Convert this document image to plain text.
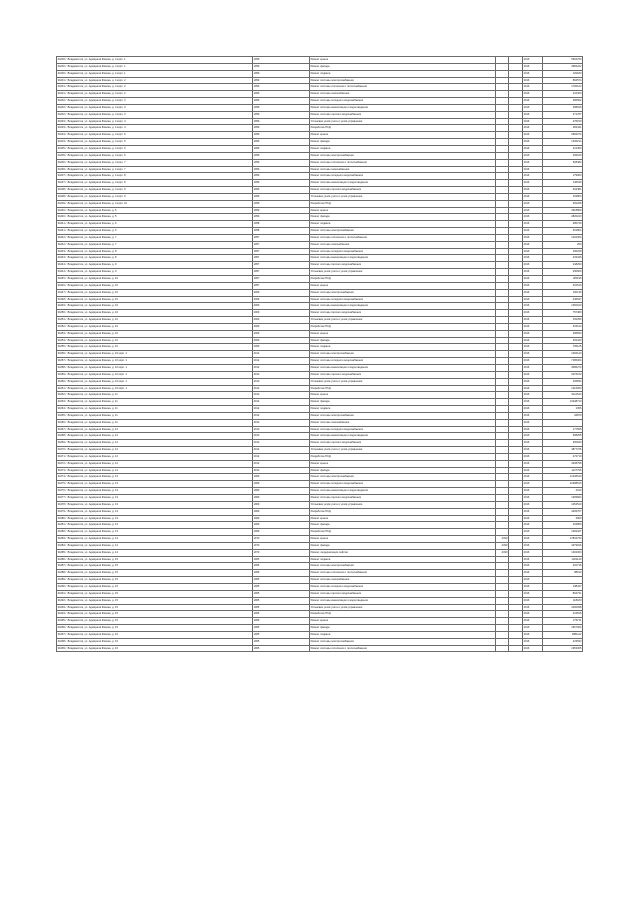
34230 г. Владивосток, ул. Адмирала Фокина, д. 4 корп. 1	1959	Ремонт крыши			2016	5394760
34230 г. Владивосток, ул. Адмирала Фокина, д. 4 корп. 1	1959	Ремонт фасада			2016	3982222
34230 г. Владивосток, ул. Адмирала Фокина, д. 4 корп. 1	1959	Ремонт подвала			2016	181180
34231 г. Владивосток, ул. Адмирала Фокина, д. 4 корп. 2	1959	Ремонт системы электроснабжения			2016	894574
34231 г. Владивосток, ул. Адмирала Фокина, д. 4 корп. 2	1959	Ремонт системы отопления и теплоснабжения			2016	1796124
34231 г. Владивосток, ул. Адмирала Фокина, д. 4 корп. 2	1959	Ремонт системы газоснабжения			2016	216400
34232 г. Владивосток, ул. Адмирала Фокина, д. 4 корп. 3	1959	Ремонт системы холодного водоснабжения			2016	486652
34232 г. Владивосток, ул. Адмирала Фокина, д. 4 корп. 3	1959	Ремонт системы канализации и водоотведения			2016	458916
34232 г. Владивосток, ул. Адмирала Фокина, д. 4 корп. 3	1959	Ремонт системы горячего водоснабжения			2016	371787
34233 г. Владивосток, ул. Адмирала Фокина, д. 4 корп. 4	1959	Установка узлов учета и узлов управления			2016	276150
34233 г. Владивосток, ул. Адмирала Фокина, д. 4 корп. 4	1959	Разработка ПСД			2016	484441
34234 г. Владивосток, ул. Адмирала Фокина, д. 4 корп. 5	1959	Ремонт крыши			2016	2892074
34234 г. Владивосток, ул. Адмирала Фокина, д. 4 корп. 5	1959	Ремонт фасада			2016	1345214
34235 г. Владивосток, ул. Адмирала Фокина, д. 4 корп. 6	1959	Ремонт подвала			2016	412460
34235 г. Владивосток, ул. Адмирала Фокина, д. 4 корп. 6	1959	Ремонт системы электроснабжения			2016	292160
34236 г. Владивосток, ул. Адмирала Фокина, д. 4 корп. 7	1959	Ремонт системы отопления и теплоснабжения			2016	528484
34236 г. Владивосток, ул. Адмирала Фокина, д. 4 корп. 7	1959	Ремонт системы газоснабжения			2016	
34237 г. Владивосток, ул. Адмирала Фокина, д. 4 корп. 8	1959	Ремонт системы холодного водоснабжения			2016	179960
34237 г. Владивосток, ул. Адмирала Фокина, д. 4 корп. 8	1959	Ремонт системы канализации и водоотведения			2016	136630
34238 г. Владивосток, ул. Адмирала Фокина, д. 4 корп. 9	1959	Ремонт системы горячего водоснабжения			2016	264481
34238 г. Владивосток, ул. Адмирала Фокина, д. 4 корп. 9	1959	Установка узлов учета и узлов управления			2016	154800
34239 г. Владивосток, ул. Адмирала Фокина, д. 4 корп. 10	1959	Разработка ПСД			2016	381208
34240 г. Владивосток, ул. Адмирала Фокина, д. 5	1959	Ремонт крыши			2016	4318800
34240 г. Владивосток, ул. Адмирала Фокина, д. 5	1959	Ремонт фасада			2016	2820223
34241 г. Владивосток, ул. Адмирала Фокина, д. 6	1958	Ремонт подвала			2016	386740
34241 г. Владивосток, ул. Адмирала Фокина, д. 6	1958	Ремонт системы электроснабжения			2016	661804
34242 г. Владивосток, ул. Адмирала Фокина, д. 7	1957	Ремонт системы отопления и теплоснабжения			2016	1202364
34242 г. Владивосток, ул. Адмирала Фокина, д. 7	1957	Ремонт системы газоснабжения			2016	260
34243 г. Владивосток, ул. Адмирала Фокина, д. 8	1957	Ремонт системы холодного водоснабжения			2016	296239
34243 г. Владивосток, ул. Адмирала Фокина, д. 8	1957	Ремонт системы канализации и водоотведения			2016	433346
34244 г. Владивосток, ул. Адмирала Фокина, д. 9	1957	Ремонт системы горячего водоснабжения			2016	218290
34244 г. Владивосток, ул. Адмирала Фокина, д. 9	1957	Установка узлов учета и узлов управления			2016	250600
34245 г. Владивосток, ул. Адмирала Фокина, д. 10	1957	Разработка ПСД			2016	281196
34246 г. Владивосток, ул. Адмирала Фокина, д. 10	1957	Ремонт крыши			2016	461610
34247 г. Владивосток, ул. Адмирала Фокина, д. 10	2009	Ремонт системы электроснабжения			2016	160139
34248 г. Владивосток, ул. Адмирала Фокина, д. 10	2009	Ремонт системы холодного водоснабжения			2016	446637
34249 г. Владивосток, ул. Адмирала Фокина, д. 10	2009	Ремонт системы канализации и водоотведения			2016	1360010
34250 г. Владивосток, ул. Адмирала Фокина, д. 10	2009	Ремонт системы горячего водоснабжения			2016	757480
34251 г. Владивосток, ул. Адмирала Фокина, д. 10	2009	Установка узлов учета и узлов управления			2016	152350
34252 г. Владивосток, ул. Адмирала Фокина, д. 10	2009	Разработка ПСД			2016	615124
34253 г. Владивосток, ул. Адмирала Фокина, д. 10	2009	Ремонт крыши			2016	395843
34254 г. Владивосток, ул. Адмирала Фокина, д. 10	2009	Ремонт фасада			2016	302440
34255 г. Владивосток, ул. Адмирала Фокина, д. 10	2009	Ремонт подвала			2016	765125
34256 г. Владивосток, ул. Адмирала Фокина, д. 10 корп. 1	2012	Ремонт системы электроснабжения			2016	1466120
34257 г. Владивосток, ул. Адмирала Фокина, д. 10 корп. 1	2012	Ремонт системы холодного водоснабжения			2016	7186364
34258 г. Владивосток, ул. Адмирала Фокина, д. 10 корп. 1	2012	Ремонт системы канализации и водоотведения			2016	3086274
34259 г. Владивосток, ул. Адмирала Фокина, д. 10 корп. 1	2012	Ремонт системы горячего водоснабжения			2016	3276162
34260 г. Владивосток, ул. Адмирала Фокина, д. 10 корп. 1	2012	Установка узлов учета и узлов управления			2016	205834
34261 г. Владивосток, ул. Адмирала Фокина, д. 10 корп. 1	2012	Разработка ПСД			2016	1416000
34262 г. Владивосток, ул. Адмирала Фокина, д. 11	2012	Ремонт крыши			2016	9112513
34263 г. Владивосток, ул. Адмирала Фокина, д. 11	2012	Ремонт фасада			2016	13448713
34264 г. Владивосток, ул. Адмирала Фокина, д. 11	2012	Ремонт подвала			2016	1356
34265 г. Владивосток, ул. Адмирала Фокина, д. 11	2012	Ремонт системы электроснабжения			2016	94870
34266 г. Владивосток, ул. Адмирала Фокина, д. 11	2012	Ремонт системы газоснабжения			2016	
34267 г. Владивосток, ул. Адмирала Фокина, д. 12	2012	Ремонт системы холодного водоснабжения			2016	177655
34268 г. Владивосток, ул. Адмирала Фокина, д. 12	2012	Ремонт системы канализации и водоотведения			2016	568255
34269 г. Владивосток, ул. Адмирала Фокина, д. 12	2012	Ремонт системы горячего водоснабжения			2016	300940
34270 г. Владивосток, ул. Адмирала Фокина, д. 12	2012	Установка узлов учета и узлов управления			2016	4877376
34271 г. Владивосток, ул. Адмирала Фокина, д. 12	2012	Разработка ПСД			2016	272710
34272 г. Владивосток, ул. Адмирала Фокина, д. 12	2012	Ремонт крыши			2016	3338798
34273 г. Владивосток, ул. Адмирала Фокина, д. 12	2012	Ремонт фасада			2016	1127766
34274 г. Владивосток, ул. Адмирала Фокина, д. 13	1969	Ремонт системы электроснабжения			2016	11346619
34275 г. Владивосток, ул. Адмирала Фокина, д. 13	1969	Ремонт системы холодного водоснабжения			2016	21698615
34276 г. Владивосток, ул. Адмирала Фокина, д. 13	1969	Ремонт системы канализации и водоотведения			2016	4010
34277 г. Владивосток, ул. Адмирала Фокина, д. 13	1969	Ремонт системы горячего водоснабжения			2016	1305824
34278 г. Владивосток, ул. Адмирала Фокина, д. 13	1969	Установка узлов учета и узлов управления			2016	1254510
34279 г. Владивосток, ул. Адмирала Фокина, д. 13	1969	Разработка ПСД			2016	4405767
34280 г. Владивосток, ул. Адмирала Фокина, д. 13	1969	Ремонт крыши			2016	3060
34281 г. Владивосток, ул. Адмирала Фокина, д. 13	1969	Ремонт фасада			2016	264850
34282 г. Владивосток, ул. Адмирала Фокина, д. 13	1969	Разработка ПСД			2016	1484427
34283 г. Владивосток, ул. Адмирала Фокина, д. 14	1970	Ремонт крыши	2330		2016	17834733
34284 г. Владивосток, ул. Адмирала Фокина, д. 14	1970	Ремонт фасада	2330		2016	4379916
34285 г. Владивосток, ул. Адмирала Фокина, д. 14	1970	Ремонт, модернизация лифтов	2330		2016	1302000
34286 г. Владивосток, ул. Адмирала Фокина, д. 15	1965	Ремонт подвала			2016	1201140
34287 г. Владивосток, ул. Адмирала Фокина, д. 15	1965	Ремонт системы электроснабжения			2016	491716
34288 г. Владивосток, ул. Адмирала Фокина, д. 15	1965	Ремонт системы отопления и теплоснабжения			2016	88193
34289 г. Владивосток, ул. Адмирала Фокина, д. 15	1965	Ремонт системы газоснабжения			2016	
34290 г. Владивосток, ул. Адмирала Фокина, д. 15	1965	Ремонт системы холодного водоснабжения			2016	198447
34291 г. Владивосток, ул. Адмирала Фокина, д. 15	1965	Ремонт системы горячего водоснабжения			2016	864731
34292 г. Владивосток, ул. Адмирала Фокина, д. 15	1965	Ремонт системы канализации и водоотведения			2016	118180
34293 г. Владивосток, ул. Адмирала Фокина, д. 15	1965	Установка узлов учета и узлов управления			2016	4160938
34294 г. Владивосток, ул. Адмирала Фокина, д. 15	1965	Разработка ПСД			2016	224815
34295 г. Владивосток, ул. Адмирала Фокина, д. 15	1965	Ремонт крыши			2016	276711
34296 г. Владивосток, ул. Адмирала Фокина, д. 15	1965	Ремонт фасада			2016	1967364
34297 г. Владивосток, ул. Адмирала Фокина, д. 16	1965	Ремонт подвала			2016	1881112
34298 г. Владивосток, ул. Адмирала Фокина, д. 16	1965	Ремонт системы электроснабжения			2016	423533
34299 г. Владивосток, ул. Адмирала Фокина, д. 16	1965	Ремонт системы отопления и теплоснабжения			2016	1953005
